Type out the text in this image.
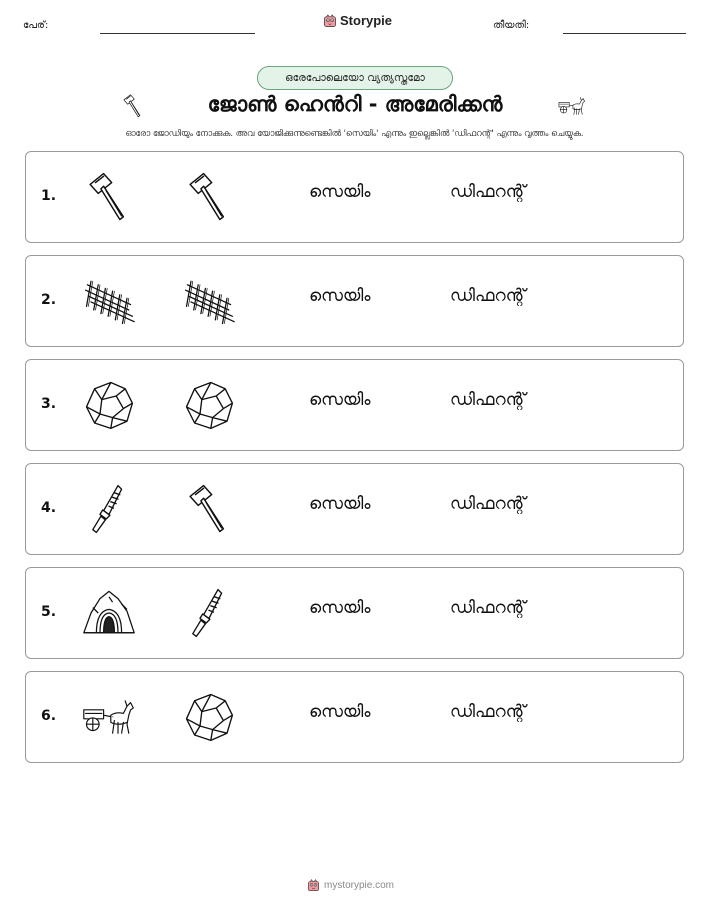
പേര്:	Storypie	തീയതി:
ഒരേപോലെയോ വ്യത്യസ്തമോ
ജോൺ ഹെൻറി - അമേരിക്കൻ
ഓരോ ജോഡിയും നോക്കുക. അവ യോജിക്കുന്നുണ്ടെങ്കിൽ 'സെയിം' എന്നും ഇല്ലെങ്കിൽ 'ഡിഫറന്റ്' എന്നും വൃത്തം ചെയ്യുക.
1.	സെയിം	ഡിഫറന്റ്
2.	സെയിം	ഡിഫറന്റ്
3.	സെയിം	ഡിഫറന്റ്
4.	സെയിം	ഡിഫറന്റ്
5.	സെയിം	ഡിഫറന്റ്
6.	സെയിം	ഡിഫറന്റ്
mystorypie.com
